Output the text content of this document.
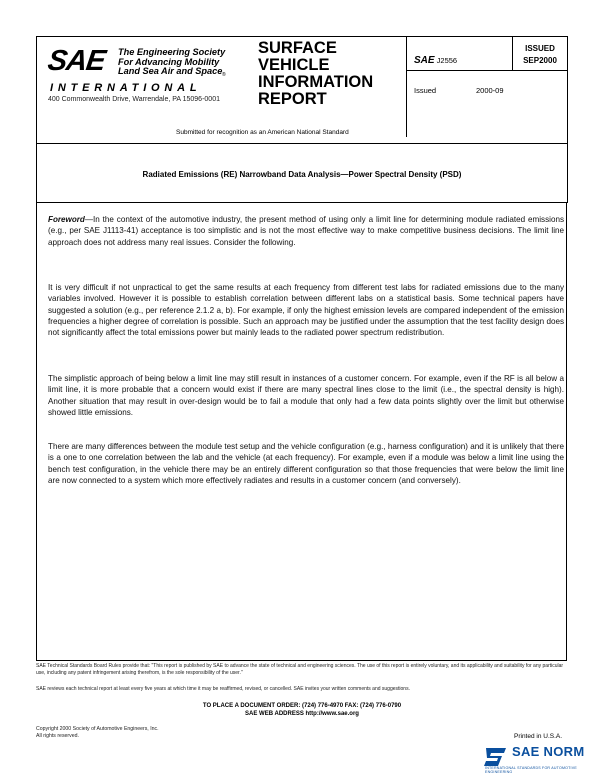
SAE The Engineering Society
For Advancing Mobility
Land Sea Air and Space ®
INTERNATIONAL
400 Commonwealth Drive, Warrendale, PA 15096-0001
SURFACE
VEHICLE
INFORMATION
REPORT
SAE J2556
ISSUED
SEP2000
Issued	2000-09
Submitted for recognition as an American National Standard
Radiated Emissions (RE) Narrowband Data Analysis—Power Spectral Density (PSD)
Foreword—In the context of the automotive industry, the present method of using only a limit line for determining module radiated emissions (e.g., per SAE J1113-41) acceptance is too simplistic and is not the most effective way to make competitive business decisions. The limit line approach does not address many real issues. Consider the following.
It is very difficult if not unpractical to get the same results at each frequency from different test labs for radiated emissions due to the many variables involved. However it is possible to establish correlation between different labs on a statistical basis. Some technical papers have suggested a solution (e.g., per reference 2.1.2 a, b). For example, if only the highest emission levels are compared independent of the emission frequencies a higher degree of correlation is possible. Such an approach may be justified under the assumption that the test facility design does not significantly affect the total emissions power but mainly leads to the radiated power spectrum redistribution.
The simplistic approach of being below a limit line may still result in instances of a customer concern. For example, even if the RF is all below a limit line, it is more probable that a concern would exist if there are many spectral lines close to the limit (i.e., the spectral density is high). Another situation that may result in over-design would be to fail a module that only had a few data points slightly over the limit but otherwise showed little emissions.
There are many differences between the module test setup and the vehicle configuration (e.g., harness configuration) and it is unlikely that there is a one to one correlation between the lab and the vehicle (at each frequency). For example, even if a module was below a limit line using the bench test configuration, in the vehicle there may be an entirely different configuration so that those frequencies that were below the limit line are now connected to a system which more effectively radiates and results in a customer concern (and conversely).
SAE Technical Standards Board Rules provide that: "This report is published by SAE to advance the state of technical and engineering sciences. The use of this report is entirely voluntary, and its applicability and suitability for any particular use, including any patent infringement arising therefrom, is the sole responsibility of the user."
SAE reviews each technical report at least every five years at which time it may be reaffirmed, revised, or cancelled. SAE invites your written comments and suggestions.
TO PLACE A DOCUMENT ORDER: (724) 776-4970 FAX: (724) 776-0790
SAE WEB ADDRESS http://www.sae.org
Copyright 2000 Society of Automotive Engineers, Inc.
All rights reserved.	Printed in U.S.A.
SAE NORM
INTERNATIONAL STANDARDS FOR AUTOMOTIVE ENGINEERING
